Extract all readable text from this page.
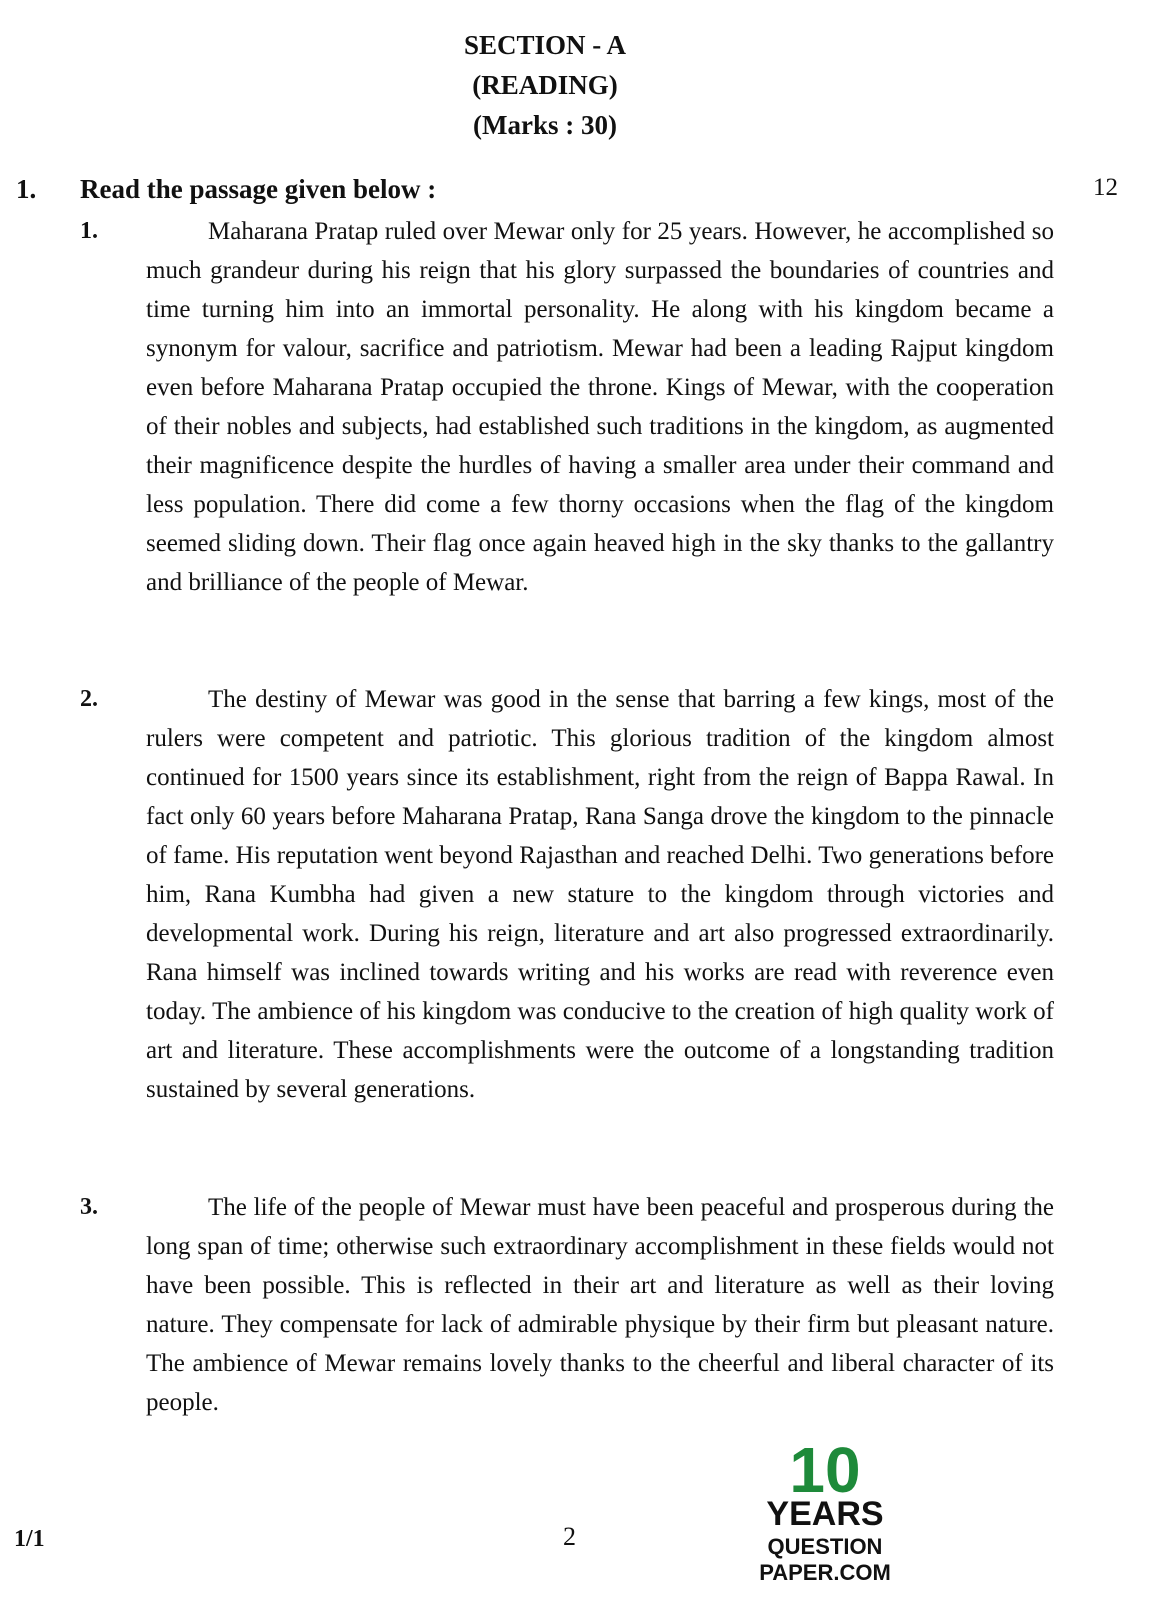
SECTION - A
(READING)
(Marks : 30)
1. Read the passage given below :	12
1.	Maharana Pratap ruled over Mewar only for 25 years. However, he accomplished so much grandeur during his reign that his glory surpassed the boundaries of countries and time turning him into an immortal personality. He along with his kingdom became a synonym for valour, sacrifice and patriotism. Mewar had been a leading Rajput kingdom even before Maharana Pratap occupied the throne. Kings of Mewar, with the cooperation of their nobles and subjects, had established such traditions in the kingdom, as augmented their magnificence despite the hurdles of having a smaller area under their command and less population. There did come a few thorny occasions when the flag of the kingdom seemed sliding down. Their flag once again heaved high in the sky thanks to the gallantry and brilliance of the people of Mewar.

2.	The destiny of Mewar was good in the sense that barring a few kings, most of the rulers were competent and patriotic. This glorious tradition of the kingdom almost continued for 1500 years since its establishment, right from the reign of Bappa Rawal. In fact only 60 years before Maharana Pratap, Rana Sanga drove the kingdom to the pinnacle of fame. His reputation went beyond Rajasthan and reached Delhi. Two generations before him, Rana Kumbha had given a new stature to the kingdom through victories and developmental work. During his reign, literature and art also progressed extraordinarily. Rana himself was inclined towards writing and his works are read with reverence even today. The ambience of his kingdom was conducive to the creation of high quality work of art and literature. These accomplishments were the outcome of a longstanding tradition sustained by several generations.

3.	The life of the people of Mewar must have been peaceful and prosperous during the long span of time; otherwise such extraordinary accomplishment in these fields would not have been possible. This is reflected in their art and literature as well as their loving nature. They compensate for lack of admirable physique by their firm but pleasant nature. The ambience of Mewar remains lovely thanks to the cheerful and liberal character of its people.

1/1	2
10
YEARS
QUESTION PAPER.COM
